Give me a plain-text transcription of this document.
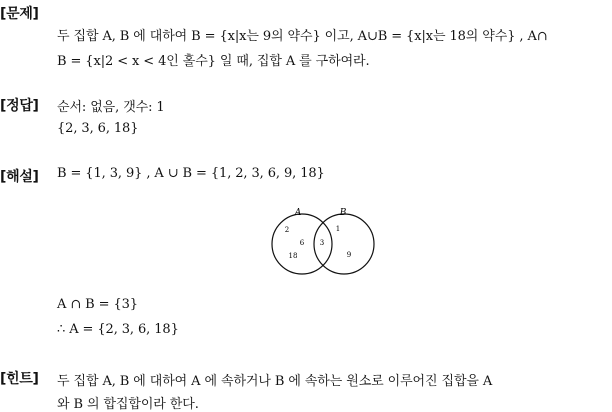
[문제]
두 집합 A, B 에 대하여 B = {x|x는 9의 약수} 이고, A∪B = {x|x는 18의 약수} , A∩
B = {x|2 < x < 4인 홀수} 일 때, 집합 A 를 구하여라.
[정답] 순서: 없음, 갯수: 1
{2, 3, 6, 18}
[해설] B = {1, 3, 9} , A ∪ B = {1, 2, 3, 6, 9, 18}
A	B
2
6
18
3
1
9
A ∩ B = {3}
∴ A = {2, 3, 6, 18}
[힌트] 두 집합 A, B 에 대하여 A 에 속하거나 B 에 속하는 원소로 이루어진 집합을 A
와 B 의 합집합이라 한다.
